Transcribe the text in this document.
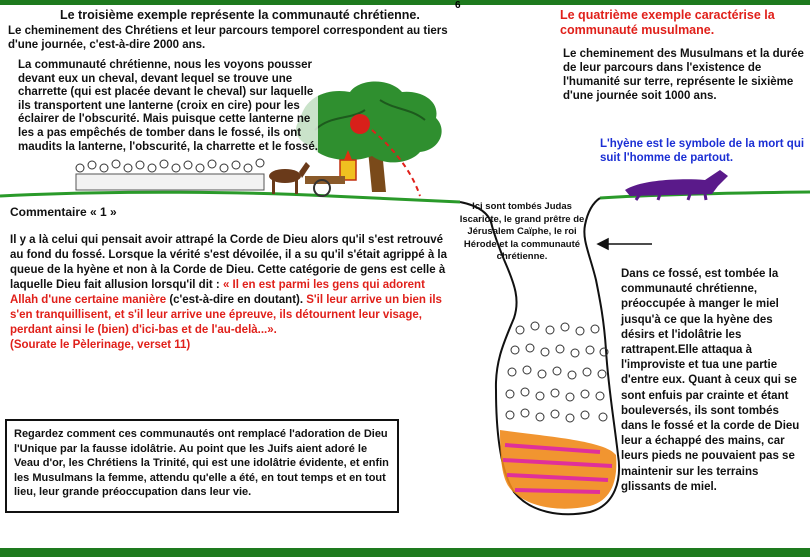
6

Le troisième exemple représente la communauté chrétienne.

Le cheminement des Chrétiens et leur parcours temporel correspondent au tiers d'une journée, c'est-à-dire 2000 ans.

La communauté chrétienne, nous les voyons pousser devant eux un cheval, devant lequel se trouve une charrette (qui est placée devant le cheval) sur laquelle ils transportent une lanterne (croix en cire) pour les éclairer de l'obscurité. Mais puisque cette lanterne ne les a pas empêchés de tomber dans le fossé, ils ont maudits la lanterne, l'obscurité, la charrette et le fossé.

Le quatrième exemple caractérise la communauté musulmane.

Le cheminement des Musulmans et la durée de leur parcours dans l'existence de l'humanité sur terre, représente le sixième d'une journée soit 1000 ans.

L'hyène est le symbole de la mort qui suit l'homme de partout.

Commentaire « 1 »

Il y a là celui qui pensait avoir attrapé la Corde de Dieu alors qu'il s'est retrouvé au fond du fossé. Lorsque la vérité s'est dévoilée, il a su qu'il s'était agrippé à la queue de la hyène et non à la Corde de Dieu. Cette catégorie de gens est celle à laquelle Dieu fait allusion lorsqu'il dit : « Il en est parmi les gens qui adorent Allah d'une certaine manière (c'est-à-dire en doutant). S'il leur arrive un bien ils s'en tranquillisent, et s'il leur arrive une épreuve, ils détournent leur visage, perdant ainsi le (bien) d'ici-bas et de l'au-delà...».
(Sourate le Pèlerinage, verset 11)

Ici sont tombés Judas Iscariote, le grand prêtre de Jérusalem Caïphe, le roi Hérode et la communauté chrétienne.

Dans ce fossé, est tombée la communauté chrétienne, préoccupée à manger le miel jusqu'à ce que la hyène des désirs et l'idolâtrie les rattrapent.Elle attaqua à l'improviste et tua une partie d'entre eux. Quant à ceux qui se sont enfuis par crainte et étant bouleversés, ils sont tombés dans le fossé et la corde de Dieu leur a échappé des mains, car leurs pieds ne pouvaient pas se maintenir sur les terrains glissants de miel.

Regardez comment ces communautés ont remplacé l'adoration de Dieu l'Unique par la fausse idolâtrie. Au point que les Juifs aient adoré le Veau d'or, les Chrétiens la Trinité, qui est une idolâtrie évidente, et enfin les Musulmans la femme, attendu qu'elle a été, en tout temps et en tout lieu, leur grande préoccupation dans leur vie.
